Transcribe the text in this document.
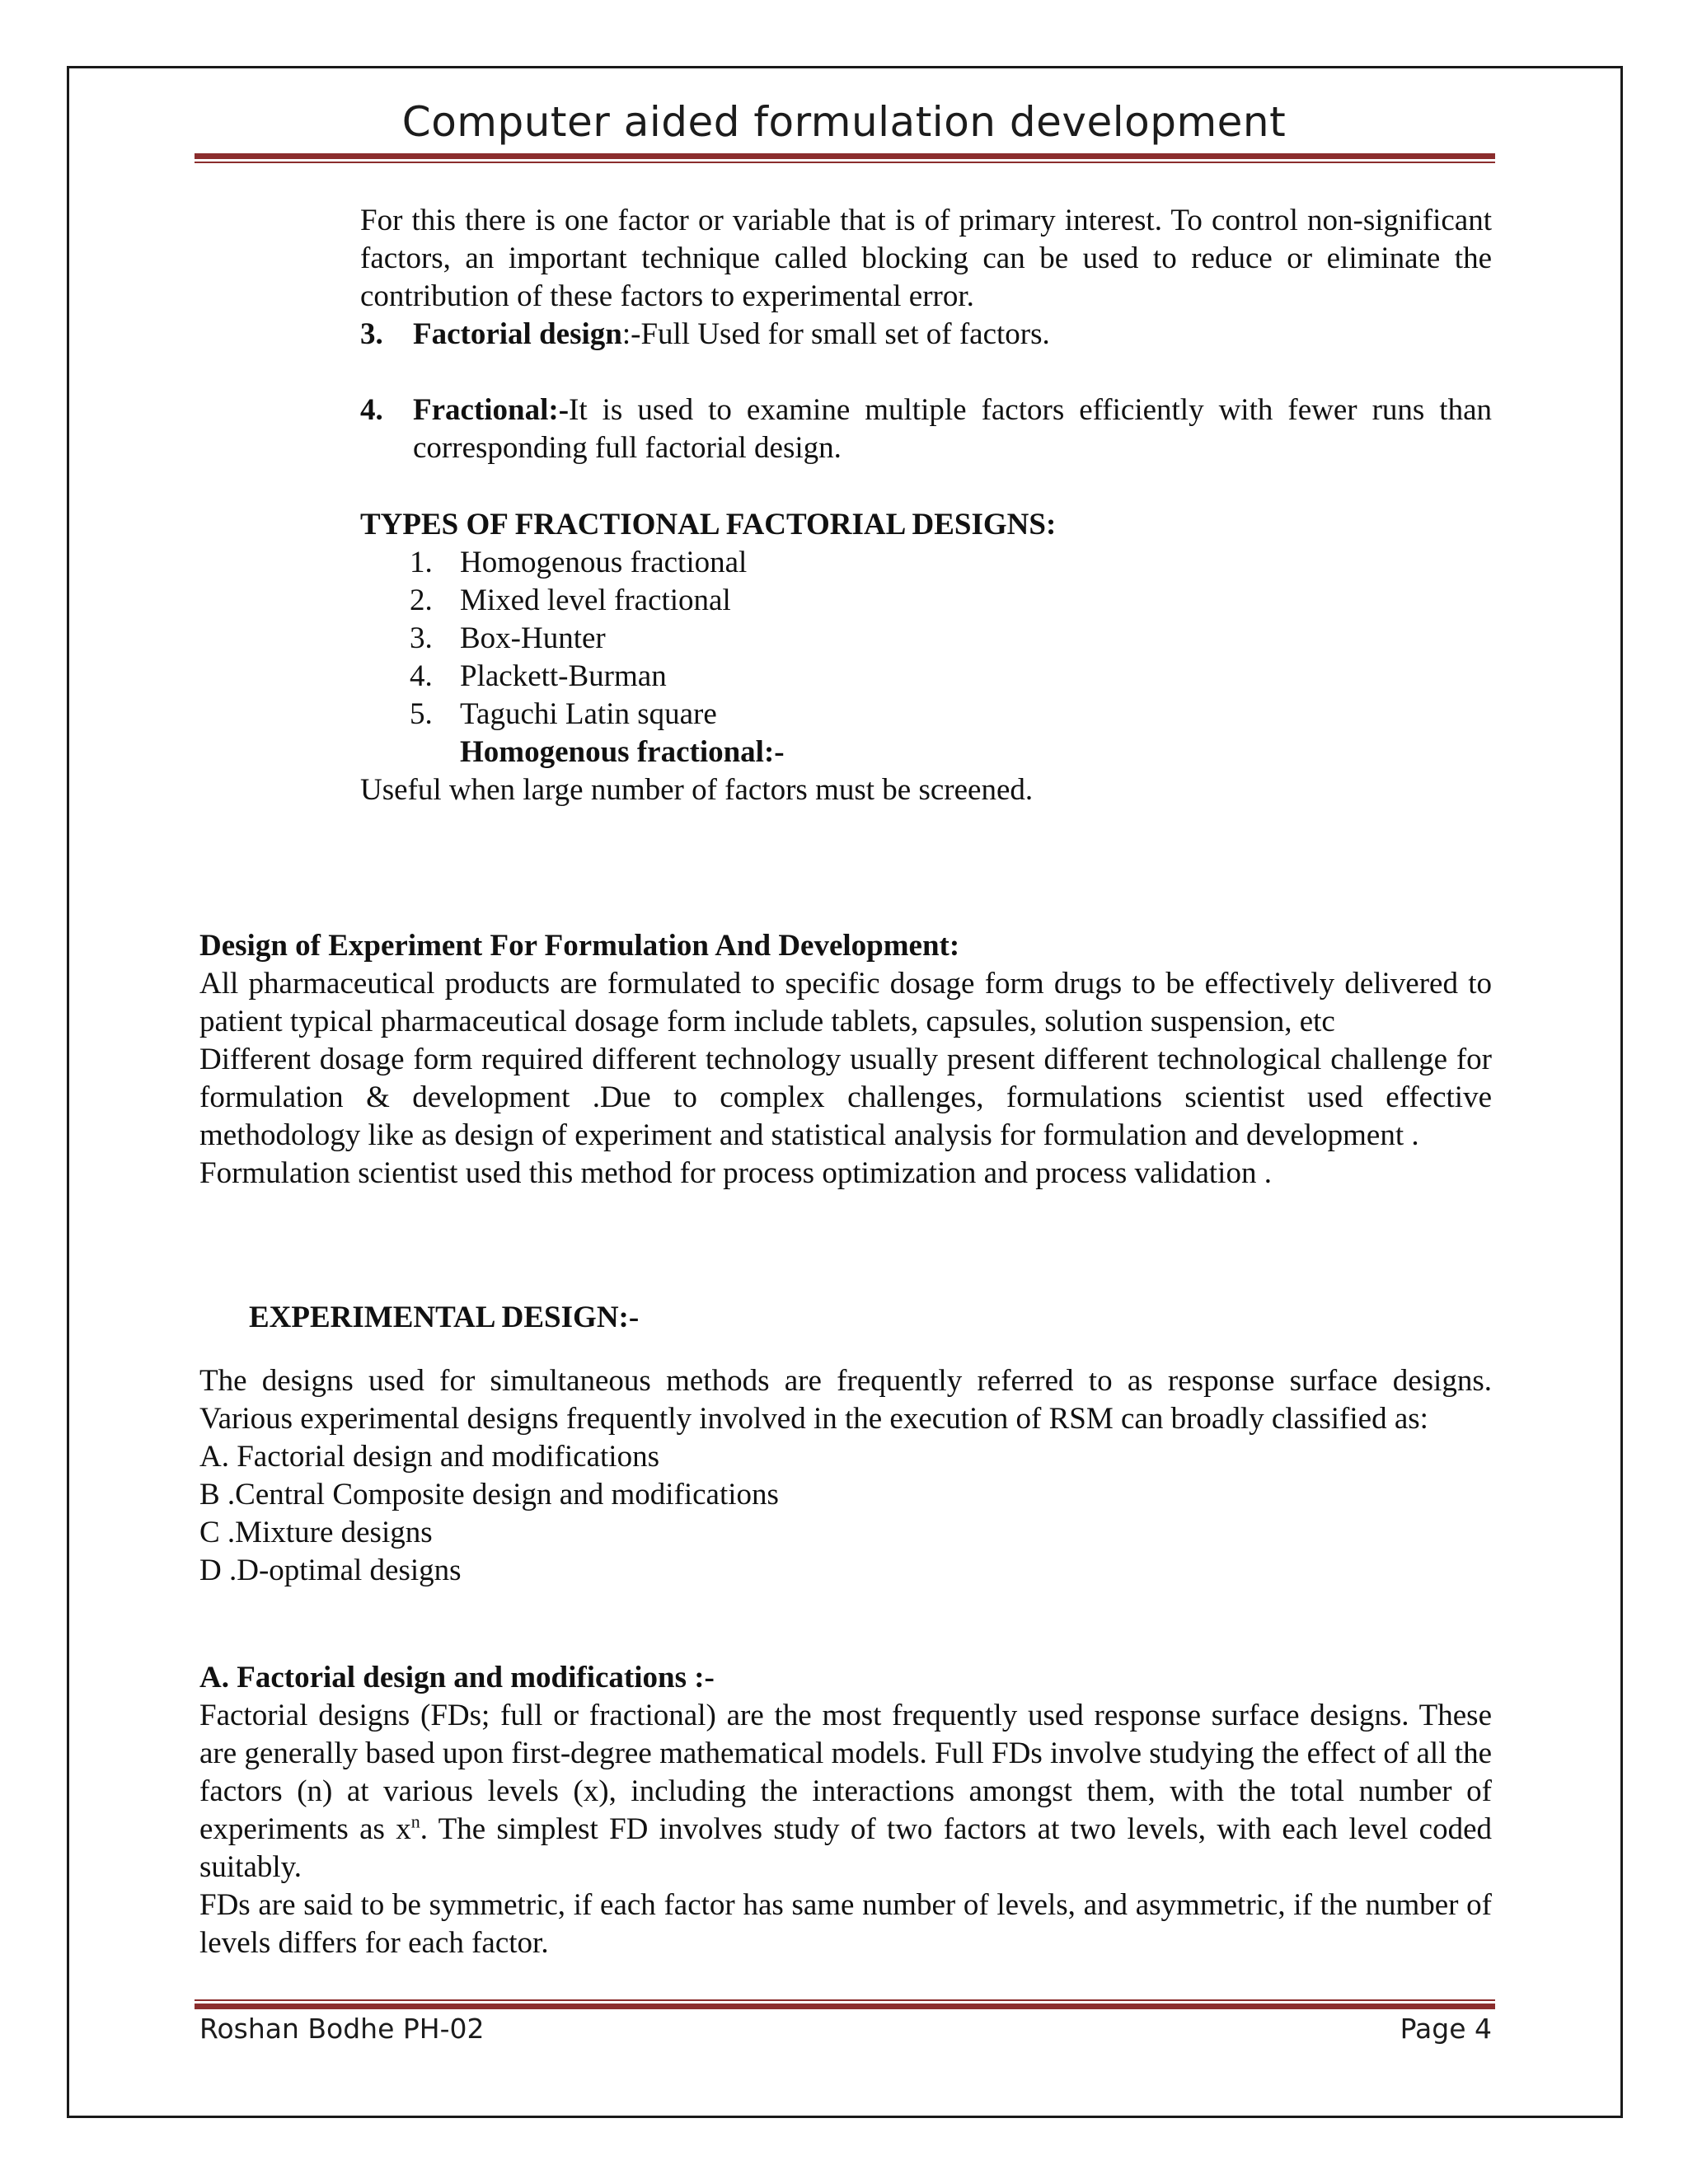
Computer aided formulation development
For this there is one factor or variable that is of primary interest. To control non-significant factors, an important technique called blocking can be used to reduce or eliminate the contribution of these factors to experimental error.
3. Factorial design:-Full Used for small set of factors.
4. Fractional:-It is used to examine multiple factors efficiently with fewer runs than corresponding full factorial design.
TYPES OF FRACTIONAL FACTORIAL DESIGNS:
1. Homogenous fractional
2. Mixed level fractional
3. Box-Hunter
4. Plackett-Burman
5. Taguchi Latin square
Homogenous fractional:-
Useful when large number of factors must be screened.
Design of Experiment For Formulation And Development:
All pharmaceutical products are formulated to specific dosage form drugs to be effectively delivered to patient typical pharmaceutical dosage form include tablets, capsules, solution suspension, etc
Different dosage form required different technology usually present different technological challenge for formulation & development .Due to complex challenges, formulations scientist used effective methodology like as design of experiment and statistical analysis for formulation and development .
Formulation scientist used this method for process optimization and process validation .
EXPERIMENTAL DESIGN:-
The designs used for simultaneous methods are frequently referred to as response surface designs. Various experimental designs frequently involved in the execution of RSM can broadly classified as:
A. Factorial design and modifications
B .Central Composite design and modifications
C .Mixture designs
D .D-optimal designs
A. Factorial design and modifications :-
Factorial designs (FDs; full or fractional) are the most frequently used response surface designs. These are generally based upon first-degree mathematical models. Full FDs involve studying the effect of all the factors (n) at various levels (x), including the interactions amongst them, with the total number of experiments as $x^n$. The simplest FD involves study of two factors at two levels, with each level coded suitably.
FDs are said to be symmetric, if each factor has same number of levels, and asymmetric, if the number of levels differs for each factor.
Roshan Bodhe PH-02	Page 4
